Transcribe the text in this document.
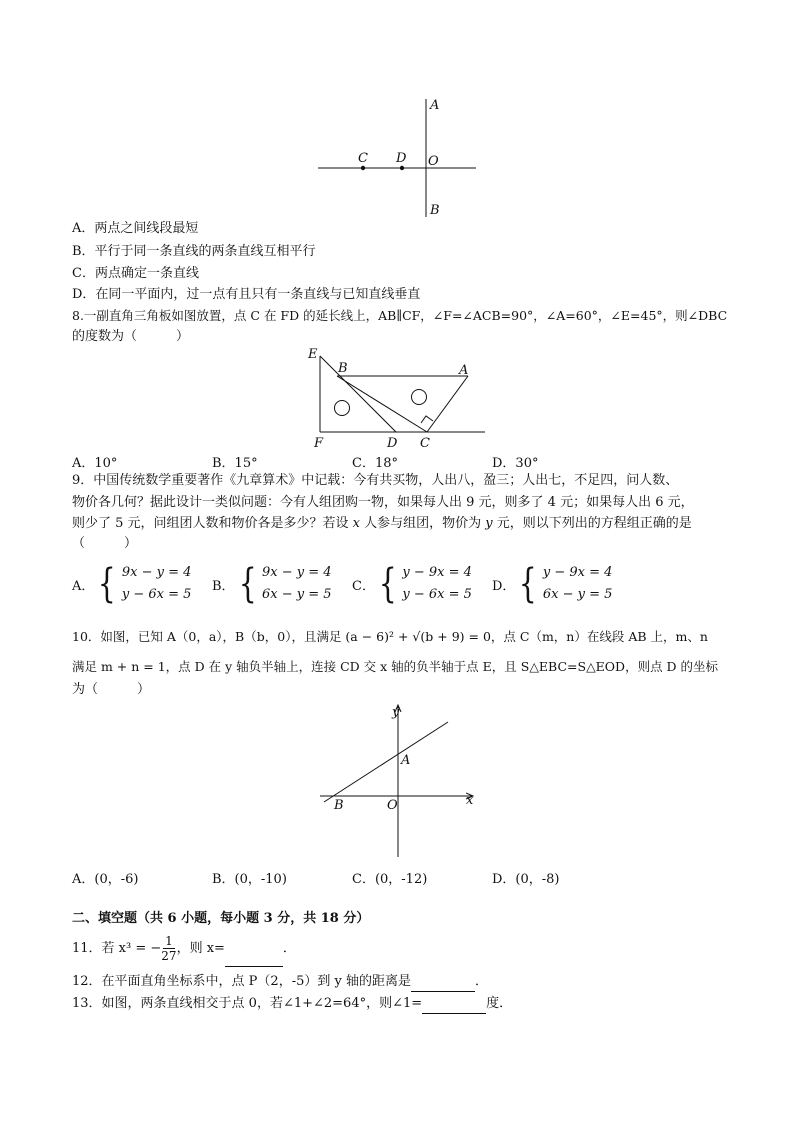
A
C D O
B
A．两点之间线段最短
B．平行于同一条直线的两条直线互相平行
C．两点确定一条直线
D．在同一平面内，过一点有且只有一条直线与已知直线垂直
8.一副直角三角板如图放置，点 C 在 FD 的延长线上，AB∥CF，∠F=∠ACB=90°，∠A=60°，∠E=45°，则∠DBC
的度数为（　　　）
E
B	A
F	D C
A．10°	B．15°	C．18°	D．30°
9．中国传统数学重要著作《九章算术》中记载：今有共买物，人出八，盈三；人出七，不足四，问人数、
物价各几何？据此设计一类似问题：今有人组团购一物，如果每人出 9 元，则多了 4 元；如果每人出 6 元，
则少了 5 元，问组团人数和物价各是多少？若设 x 人参与组团，物价为 y 元，则以下列出的方程组正确的是
（　　　）
A． { 9x − y = 4
y − 6x = 5
B． { 9x − y = 4
6x − y = 5
C． { y − 9x = 4
y − 6x = 5
D． { y − 9x = 4
6x − y = 5
10．如图，已知 A（0，a），B（b，0），且满足 (a − 6)² + √(b + 9) = 0，点 C（m，n）在线段 AB 上，m、n
满足 m + n = 1，点 D 在 y 轴负半轴上，连接 CD 交 x 轴的负半轴于点 E，且 S△EBC=S△EOD，则点 D 的坐标
为（　　　）
y
A
B	O	x
A．(0，-6)	B．(0，-10)	C．(0，-12)	D．(0，-8)
二、填空题（共 6 小题，每小题 3 分，共 18 分）
11．若 x³ = − $\frac{1}{27}$ ，则 x=	．
12．在平面直角坐标系中，点 P（2，-5）到 y 轴的距离是	．
13．如图，两条直线相交于点 0，若∠1+∠2=64°，则∠1=	度．
